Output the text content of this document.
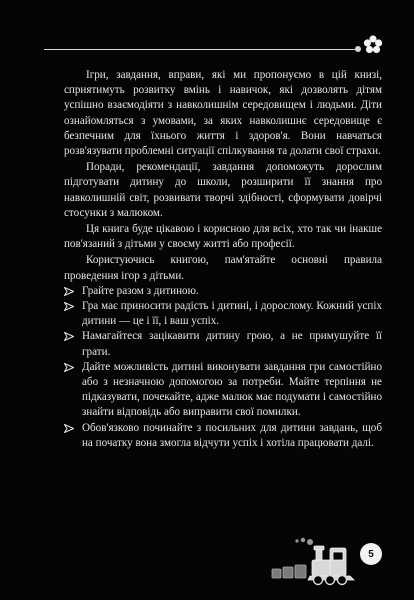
Ігри, завдання, вправи, які ми пропонуємо в цій книзі, сприятимуть розвитку вмінь і навичок, які дозволять дітям успішно взаємодіяти з навколишнім середовищем і людьми. Діти ознайомляться з умовами, за яких навколишнє середовище є безпечним для їхнього життя і здоров'я. Вони навчаться розв'язувати проблемні ситуації спілкування та долати свої страхи.

Поради, рекомендації, завдання допоможуть дорослим підготувати дитину до школи, розширити її знання про навколишній світ, розвивати творчі здібності, сформувати довірчі стосунки з малюком.

Ця книга буде цікавою і корисною для всіх, хто так чи інакше пов'язаний з дітьми у своєму житті або професії.

Користуючись книгою, пам'ятайте основні правила проведення ігор з дітьми.

Грайте разом з дитиною.
Гра має приносити радість і дитині, і дорослому. Кожний успіх дитини — це і її, і ваш успіх.
Намагайтеся зацікавити дитину грою, а не примушуйте її грати.
Дайте можливість дитині виконувати завдання гри самостійно або з незначною допомогою за потреби. Майте терпіння не підказувати, почекайте, адже малюк має подумати і самостійно знайти відповідь або виправити свої помилки.
Обов'язково починайте з посильних для дитини завдань, щоб на початку вона змогла відчути успіх і хотіла працювати далі.
5
